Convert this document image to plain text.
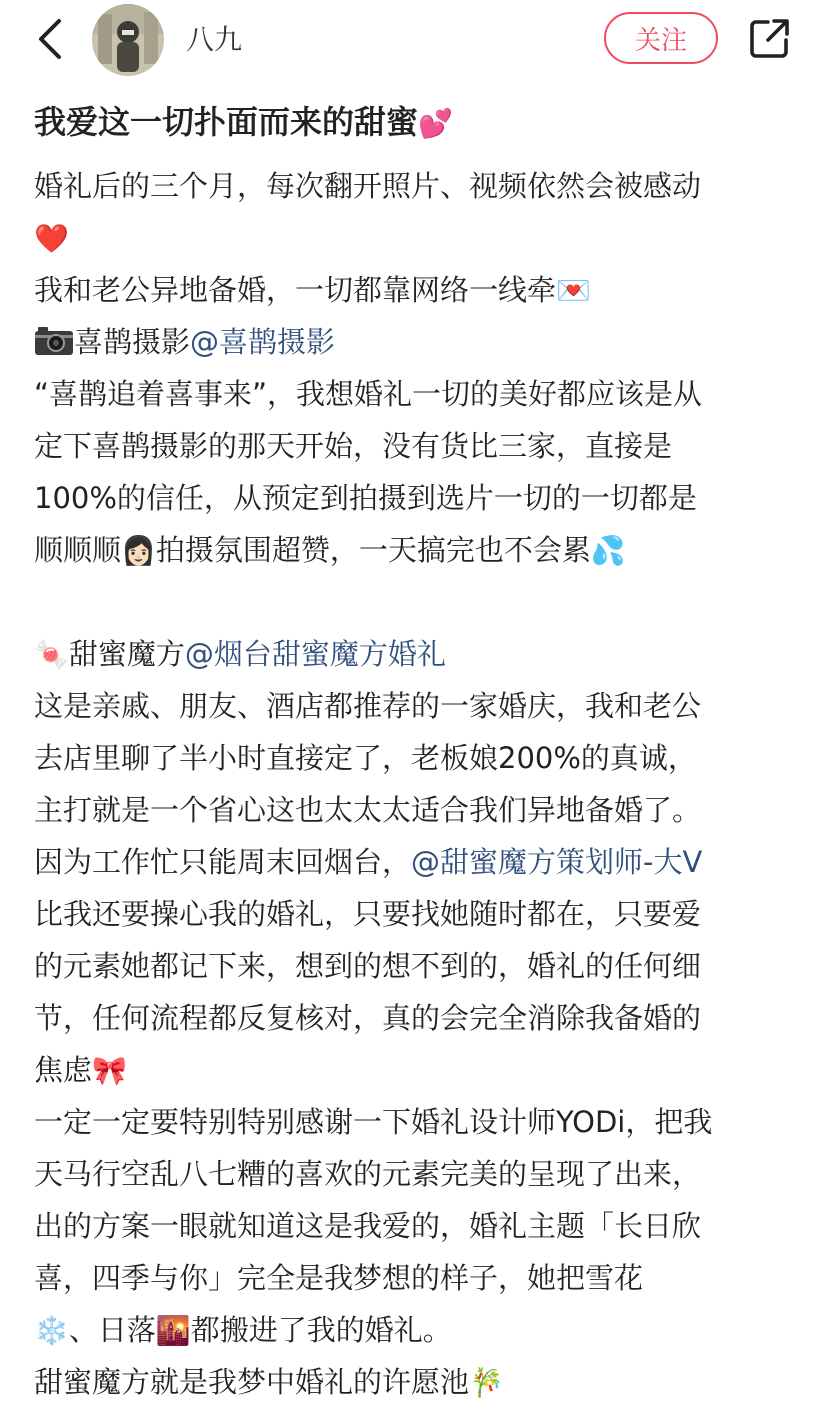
八九	关注
我爱这一切扑面而来的甜蜜💕
婚礼后的三个月，每次翻开照片、视频依然会被感动
❤️
我和老公异地备婚，一切都靠网络一线牵💌
喜鹊摄影@喜鹊摄影
“喜鹊追着喜事来”，我想婚礼一切的美好都应该是从
定下喜鹊摄影的那天开始，没有货比三家，直接是
100%的信任，从预定到拍摄到选片一切的一切都是
顺顺顺👩🏻拍摄氛围超赞，一天搞完也不会累💦
🍬甜蜜魔方@烟台甜蜜魔方婚礼
这是亲戚、朋友、酒店都推荐的一家婚庆，我和老公
去店里聊了半小时直接定了，老板娘200%的真诚，
主打就是一个省心这也太太太适合我们异地备婚了。
因为工作忙只能周末回烟台，@甜蜜魔方策划师-大V
比我还要操心我的婚礼，只要找她随时都在，只要爱
的元素她都记下来，想到的想不到的，婚礼的任何细
节，任何流程都反复核对，真的会完全消除我备婚的
焦虑🎀
一定一定要特别特别感谢一下婚礼设计师YODi，把我
天马行空乱八七糟的喜欢的元素完美的呈现了出来，
出的方案一眼就知道这是我爱的，婚礼主题「长日欣
喜，四季与你」完全是我梦想的样子，她把雪花
❄️、日落🌇都搬进了我的婚礼。
甜蜜魔方就是我梦中婚礼的许愿池🎋
